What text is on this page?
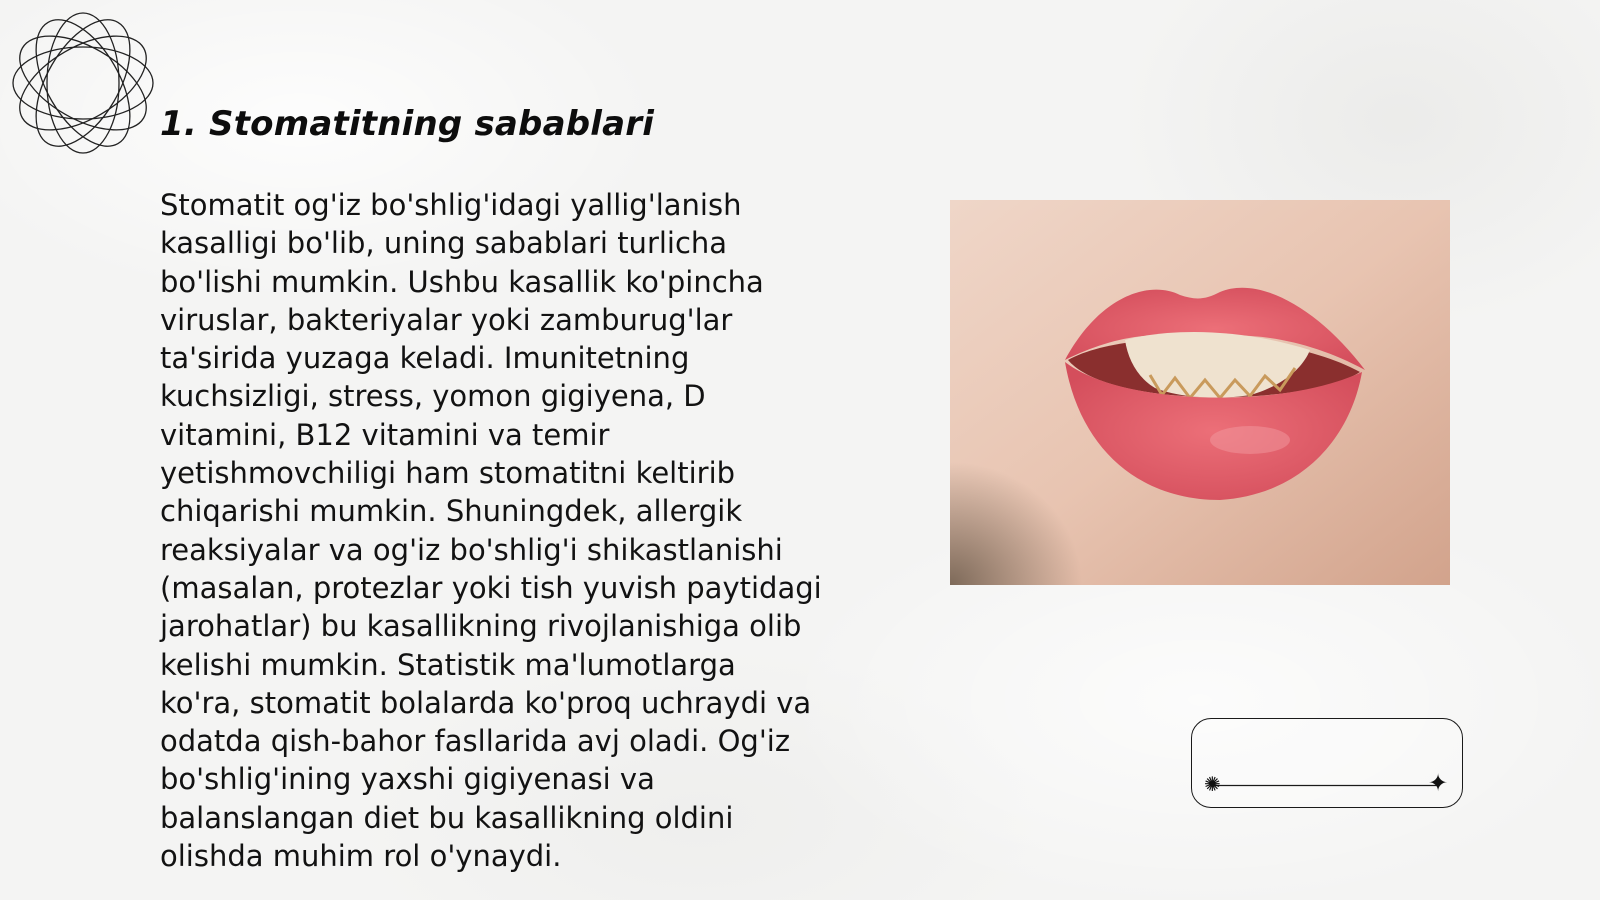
1. Stomatitning sabablari

Stomatit og'iz bo'shlig'idagi yallig'lanish
kasalligi bo'lib, uning sabablari turlicha
bo'lishi mumkin. Ushbu kasallik ko'pincha
viruslar, bakteriyalar yoki zamburug'lar
ta'sirida yuzaga keladi. Imunitetning
kuchsizligi, stress, yomon gigiyena, D
vitamini, B12 vitamini va temir
yetishmovchiligi ham stomatitni keltirib
chiqarishi mumkin. Shuningdek, allergik
reaksiyalar va og'iz bo'shlig'i shikastlanishi
(masalan, protezlar yoki tish yuvish paytidagi
jarohatlar) bu kasallikning rivojlanishiga olib
kelishi mumkin. Statistik ma'lumotlarga
ko'ra, stomatit bolalarda ko'proq uchraydi va
odatda qish-bahor fasllarida avj oladi. Og'iz
bo'shlig'ining yaxshi gigiyenasi va
balanslangan diet bu kasallikning oldini
olishda muhim rol o'ynaydi.

✺	✦
